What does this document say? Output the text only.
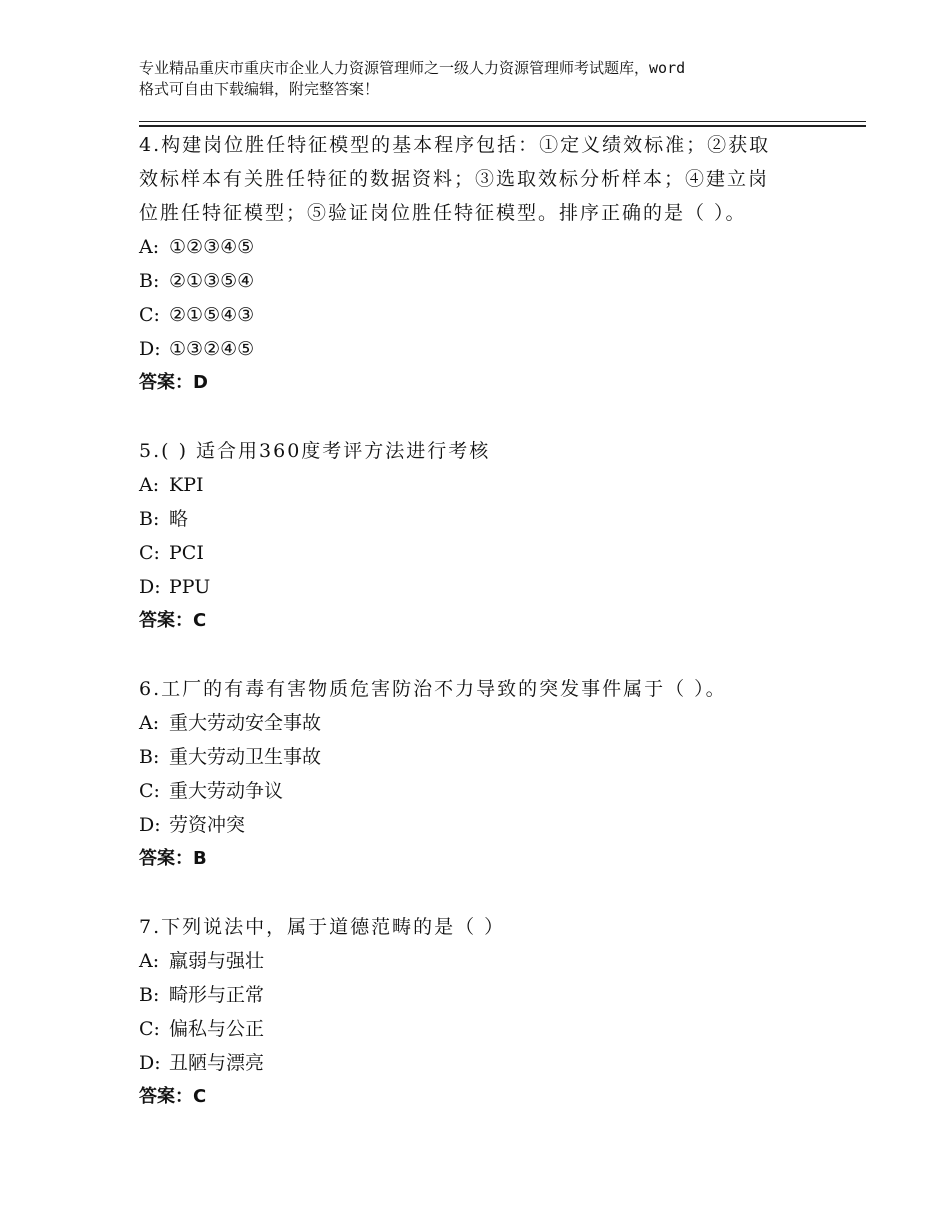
专业精品重庆市重庆市企业人力资源管理师之一级人力资源管理师考试题库，word
格式可自由下载编辑，附完整答案！
4.构建岗位胜任特征模型的基本程序包括：①定义绩效标准；②获取
效标样本有关胜任特征的数据资料；③选取效标分析样本；④建立岗
位胜任特征模型；⑤验证岗位胜任特征模型。排序正确的是（ ）。
A: ①②③④⑤
B: ②①③⑤④
C: ②①⑤④③
D: ①③②④⑤
答案：D
5.( ) 适合用360度考评方法进行考核
A: KPI
B: 略
C: PCI
D: PPU
答案：C
6.工厂的有毒有害物质危害防治不力导致的突发事件属于（ ）。
A: 重大劳动安全事故
B: 重大劳动卫生事故
C: 重大劳动争议
D: 劳资冲突
答案：B
7.下列说法中，属于道德范畴的是（ ）
A: 羸弱与强壮
B: 畸形与正常
C: 偏私与公正
D: 丑陋与漂亮
答案：C
